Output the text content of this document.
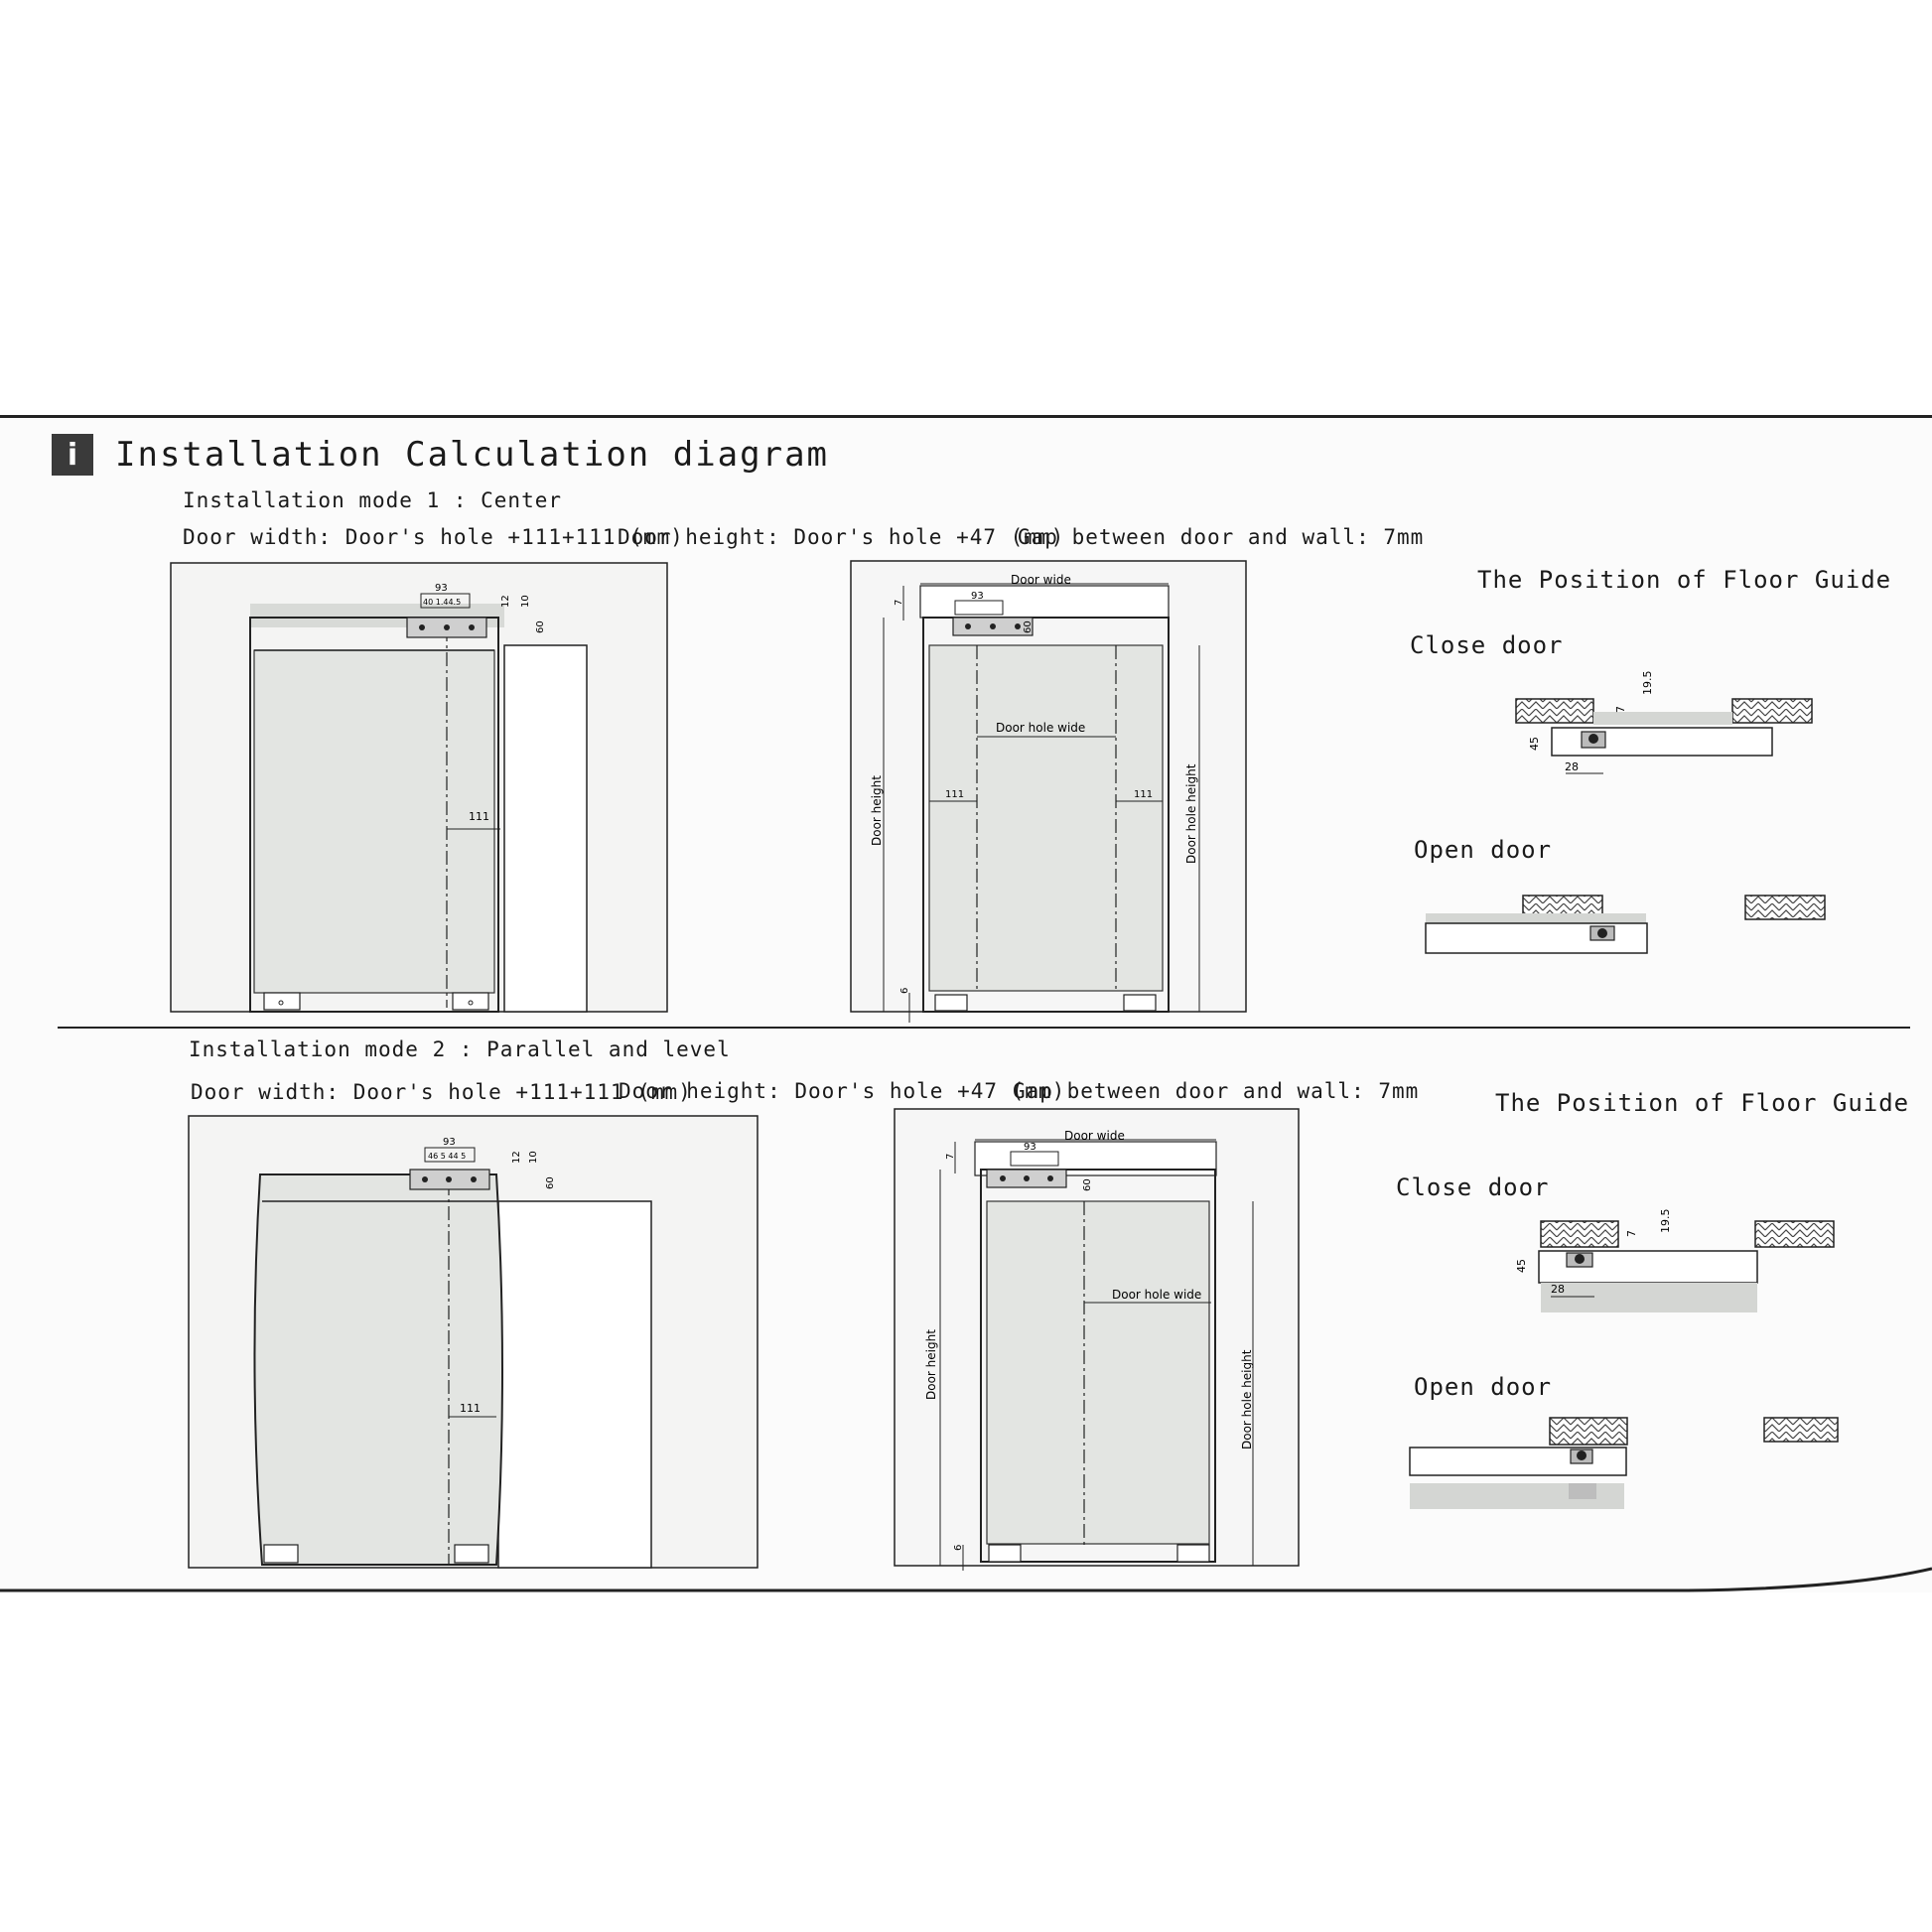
i	Installation Calculation diagram
Installation mode 1 : Center
Door width: Door's hole +111+111 (mm)
Door height: Door's hole +47 (mm)
Gap between door and wall: 7mm
Installation mode 2 : Parallel and level
Door width: Door's hole +111+111 (mm)
Door height: Door's hole +47 (mm)
Gap between door and wall: 7mm
The Position of Floor Guide
Close door
Open door
The Position of Floor Guide
Close door
Open door
111
93
40 1.44.5	12 10
60
Door wide
Door hole wide
111	111
93
60
Door height	Door hole height
7
6
19.5
7
45
28
111
93
46 5 44 5	12 10
60
Door wide
Door hole wide
93
60
Door height	Door hole height
7
6
19.5
7
45
28
